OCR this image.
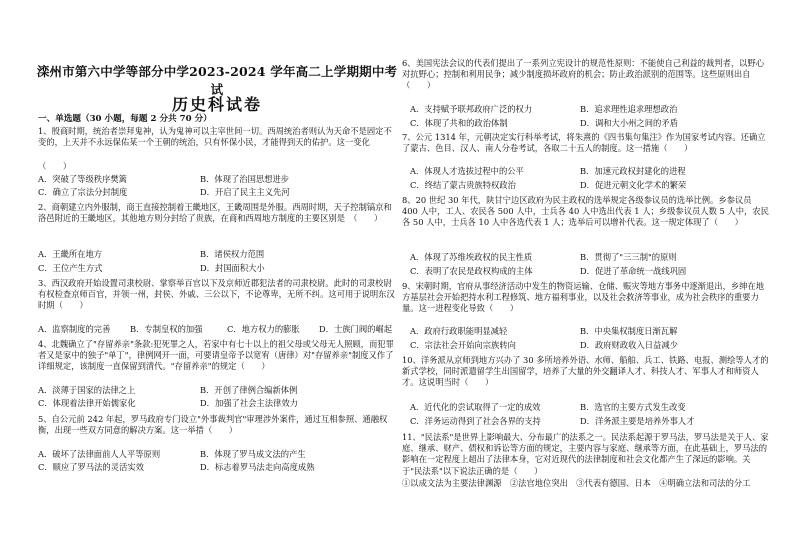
滦州市第六中学等部分中学2023-2024 学年高二上学期期中考试
历史科试卷
一、单选题（30 小题，每题 2 分共 70 分）
1、殷商时期，统治者崇拜鬼神，认为鬼神可以主宰世间一切。西周统治者则认为天命不是固定不变的，上天并不永远保佑某一个王朝的统治，只有怀保小民，才能得到天的佑护。这一变化
（　　）
A．突破了等级秩序樊篱	B．体现了治国思想进步
C．确立了宗法分封制度	D．开启了民主主义先河
2、商朝建立内外服制，商王直接控制着王畿地区，王畿周围是外服。西周时期，天子控制镐京和洛邑附近的王畿地区，其他地方则分封给了贵族，在商和西周地方制度的主要区别是　（　　）
A．王畿所在地方	B．诸侯权力范围
C．王位产生方式	D．封国面积大小
3、西汉政府开始设置司隶校尉、掌察举百官以下及京师近郡犯法者的司隶校尉。此时的司隶校尉有权检查京师百官，并领一州，封侯、外戚、三公以下，不论尊卑，无所不纠。这可用于说明东汉时期（　　）
A．监察制度的完善	B．专制皇权的加强	C．地方权力的膨胀	D．士族门阀的崛起
4、北魏确立了"存留养亲"条款:犯死罪之人，若家中有七十以上的祖父母或父母无人照顾，而犯罪者又是家中的独子"单丁"，律例网开一面，可要请皇帝予以宽宥（唐律）对"存留养亲"制度又作了详细规定，该制度一直保留到清代。"存留养亲"的规定（　　）
A．淡薄于国家的法律之上	B．开创了律例合编新体例
C．体现着法律开始儒家化	D．加强了社会主法律效力
5、自公元前 242 年起，罗马政府专门设立"外事裁判官"审理涉外案件，通过互相参照、通融权衡，出现一些双方同意的解决方案。这一举措（　　）
A．破坏了法律面前人人平等原则	B．体现了罗马成文法的产生
C．顺应了罗马法的灵活实效	D．标志着罗马法走向高度成熟
6、美国宪法会议的代表们提出了一系列立宪设计的规范性原则：不能使自己利益的裁判者，以野心对抗野心；控制和利用民争；减少制度损坏政府的机会；防止政治派别的范围等。这些原则出自（　　）
A．支持赋予联邦政府广泛的权力	B．追求理性追求理想政治
C．体现了共和的政治体制	D．调和大小州之间的矛盾
7、公元 1314 年，元朝决定实行科举考试，将朱熹的《四书集句集注》作为国家考试内容。还确立了蒙古、色目、汉人、南人分卷考试，各取二十五人的制度。这一措施（　　）
A．体现人才选拔过程中的公平	B．加速元政权封建化的进程
C．终结了蒙古贵族特权政治	D．促进元朝文化学术的繁荣
8、20 世纪 30 年代，陕甘宁边区政府为民主政权的选举规定各级参议员的选举比例。乡参议员 400 人中，工人、农民各 500 人中，士兵各 40 人中选出代表 1 人；乡级参议员人数 5 人中，农民各 50 人中，士兵各 10 人中各选代表 1 人；选举后可以增补代表。这一规定体现了（　　）
A．体现了苏维埃政权的民主性质	B．贯彻了"三三制"的原则
C．表明了农民是政权构成的主体	D．促进了革命统一战线巩固
9、宋朝时期，官府从事经济活动中发生的物资运输、仓储、赈灾等地方事务中逐渐退出，乡绅在地方基层社会开始把持水利工程修筑、地方福利事业，以及社会救济等事业，成为社会秩序的重要力量。这一进程变化导致（　　）
A．政府行政职能明显减轻	B．中央集权制度日渐瓦解
C．宗法社会开始向宗族转向	D．政府财政收入日益减少
10、洋务派从京师到地方兴办了 30 多所培养外语、水师、船舶、兵工、铁路、电报、测绘等人才的新式学校，同时派遣留学生出国留学，培养了大量的外交翻译人才、科技人才、军事人才和师资人才。这说明当时（　　）
A．近代化的尝试取得了一定的成效	B．选官的主要方式发生改变
C．洋务运动得到了社会各界的支持	D．洋务派主要是培养外事人才
11、"民法系"是世界上影响最大、分布最广的法系之一。民法系起源于罗马法，罗马法是关于人、家庭、继承、财产、债权和诉讼等方面的规定，主要内容与家庭、继承等方面，在此基础上，罗马法的影响在一定程度上超出了法律本身，它对近现代的法律制度和社会文化都产生了深远的影响。关于"民法系"以下说法正确的是（　　）
①以成文法为主要法律渊源　②法官地位突出　③代表有德国、日本　④明确立法和司法的分工
